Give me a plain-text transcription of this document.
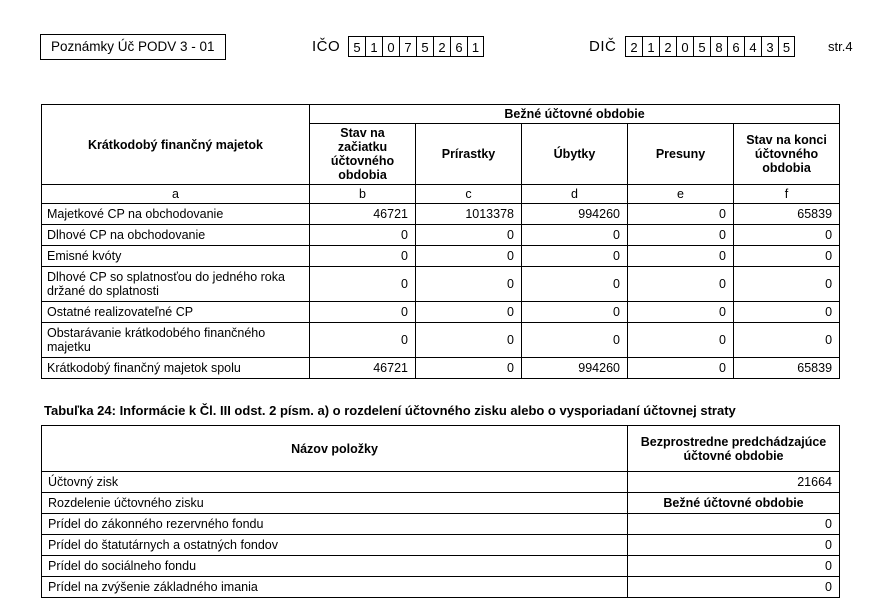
Poznámky Úč PODV 3 - 01	IČO	5 1 0 7 5 2 6 1	DIČ	2 1 2 0 5 8 6 4 3 5	str.4
Krátkodobý finančný majetok	Bežné účtovné obdobie				
	Stav na začiatku účtovného obdobia	Prírastky	Úbytky	Presuny	Stav na konci účtovného obdobia
a	b	c	d	e	f
Majetkové CP na obchodovanie	46721	1013378	994260	0	65839
Dlhové CP na obchodovanie	0	0	0	0	0
Emisné kvóty	0	0	0	0	0
Dlhové CP so splatnosťou do jedného roka držané do splatnosti	0	0	0	0	0
Ostatné realizovateľné CP	0	0	0	0	0
Obstarávanie krátkodobého finančného majetku	0	0	0	0	0
Krátkodobý finančný majetok spolu	46721	0	994260	0	65839
Tabuľka 24: Informácie k Čl. III odst. 2 písm. a) o rozdelení účtovného zisku alebo o vysporiadaní účtovnej straty
Názov položky	Bezprostredne predchádzajúce účtovné obdobie
Účtovný zisk	21664
Rozdelenie účtovného zisku	Bežné účtovné obdobie
Prídel do zákonného rezervného fondu	0
Prídel do štatutárnych a ostatných fondov	0
Prídel do sociálneho fondu	0
Prídel na zvýšenie základného imania	0
